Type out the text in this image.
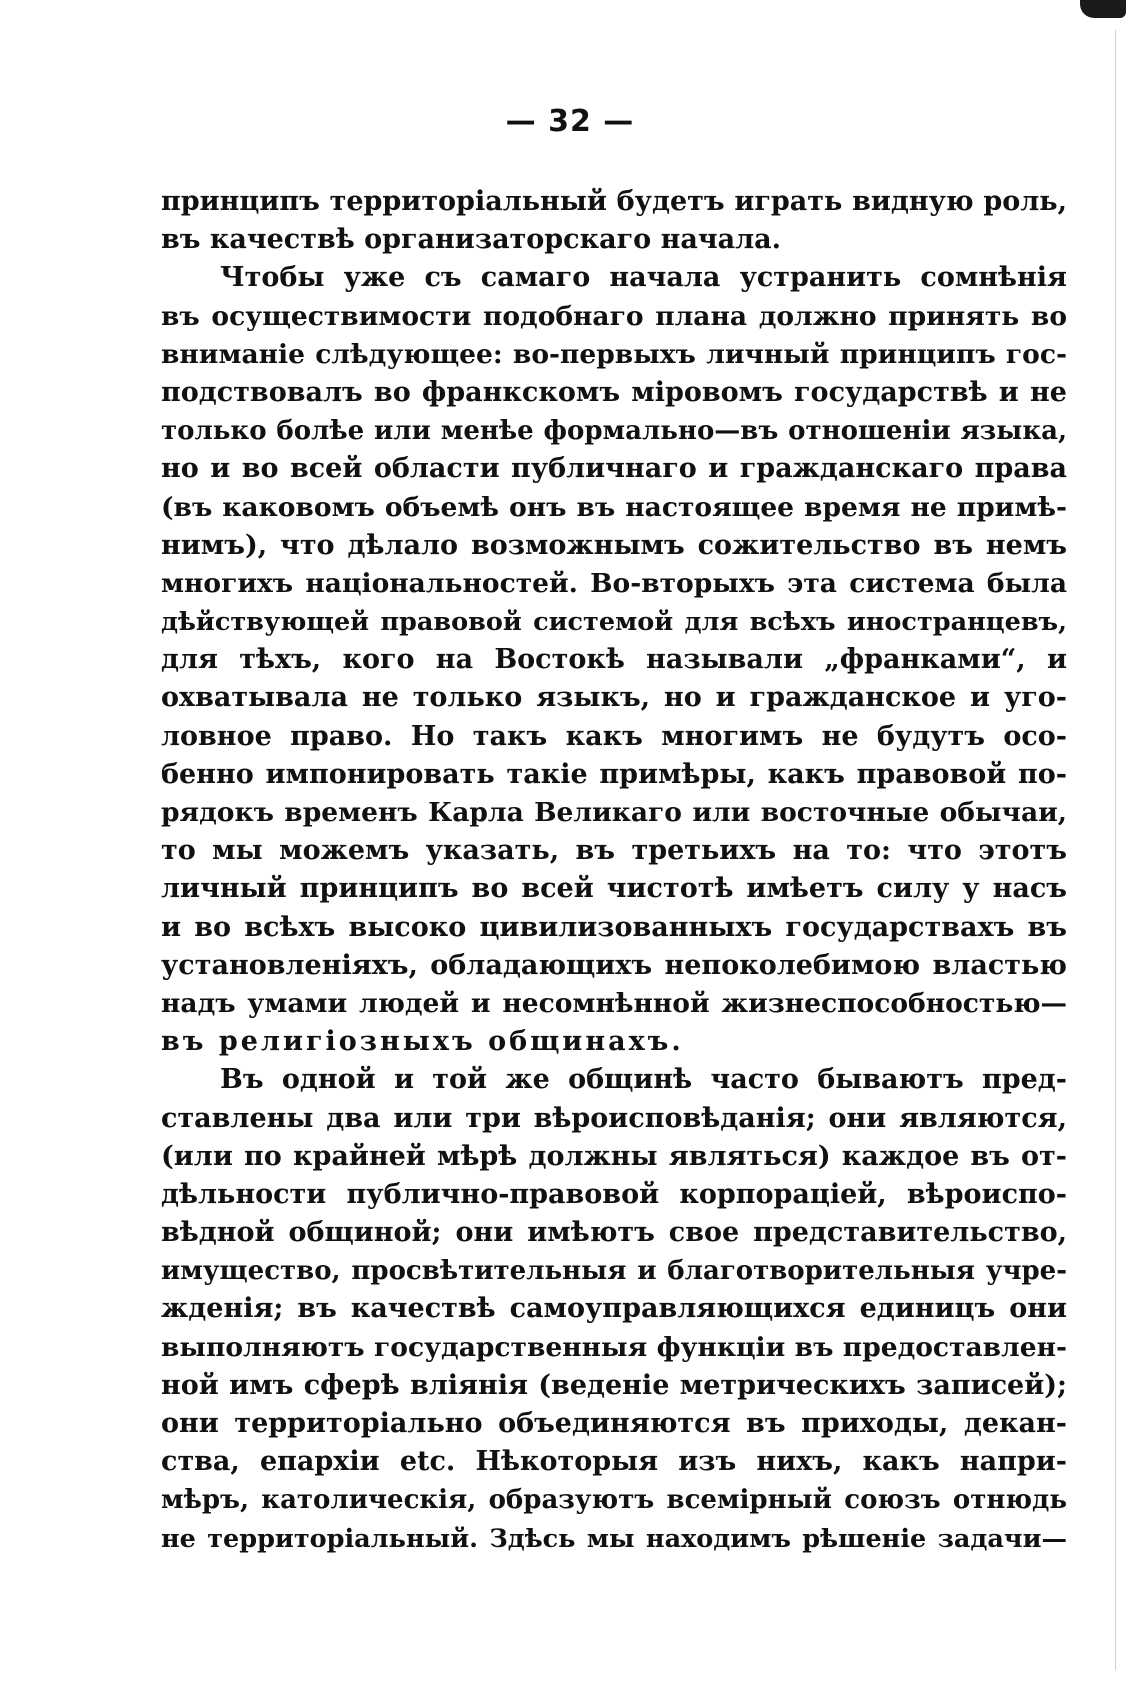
— 32 —
принципъ территоріальный будетъ играть видную роль,
въ качествѣ организаторскаго начала.
Чтобы уже съ самаго начала устранить сомнѣнія
въ осуществимости подобнаго плана должно принять во
вниманіе слѣдующее: во-первыхъ личный принципъ гос-
подствовалъ во франкскомъ міровомъ государствѣ и не
только болѣе или менѣе формально—въ отношеніи языка,
но и во всей области публичнаго и гражданскаго права
(въ каковомъ объемѣ онъ въ настоящее время не примѣ-
нимъ), что дѣлало возможнымъ сожительство въ немъ
многихъ національностей. Во-вторыхъ эта система была
дѣйствующей правовой системой для всѣхъ иностранцевъ,
для тѣхъ, кого на Востокѣ называли „франками“, и
охватывала не только языкъ, но и гражданское и уго-
ловное право. Но такъ какъ многимъ не будутъ осо-
бенно импонировать такіе примѣры, какъ правовой по-
рядокъ временъ Карла Великаго или восточные обычаи,
то мы можемъ указать, въ третьихъ на то: что этотъ
личный принципъ во всей чистотѣ имѣетъ силу у насъ
и во всѣхъ высоко цивилизованныхъ государствахъ въ
установленіяхъ, обладающихъ непоколебимою властью
надъ умами людей и несомнѣнной жизнеспособностью—
въ религіозныхъ общинахъ.
Въ одной и той же общинѣ часто бываютъ пред-
ставлены два или три вѣроисповѣданія; они являются,
(или по крайней мѣрѣ должны являться) каждое въ от-
дѣльности публично-правовой корпораціей, вѣроиспо-
вѣдной общиной; они имѣютъ свое представительство,
имущество, просвѣтительныя и благотворительныя учре-
жденія; въ качествѣ самоуправляющихся единицъ они
выполняютъ государственныя функціи въ предоставлен-
ной имъ сферѣ вліянія (веденіе метрическихъ записей);
они территоріально объединяются въ приходы, декан-
ства, епархіи etc. Нѣкоторыя изъ нихъ, какъ напри-
мѣръ, католическія, образуютъ всемірный союзъ отнюдь
не территоріальный. Здѣсь мы находимъ рѣшеніе задачи—
